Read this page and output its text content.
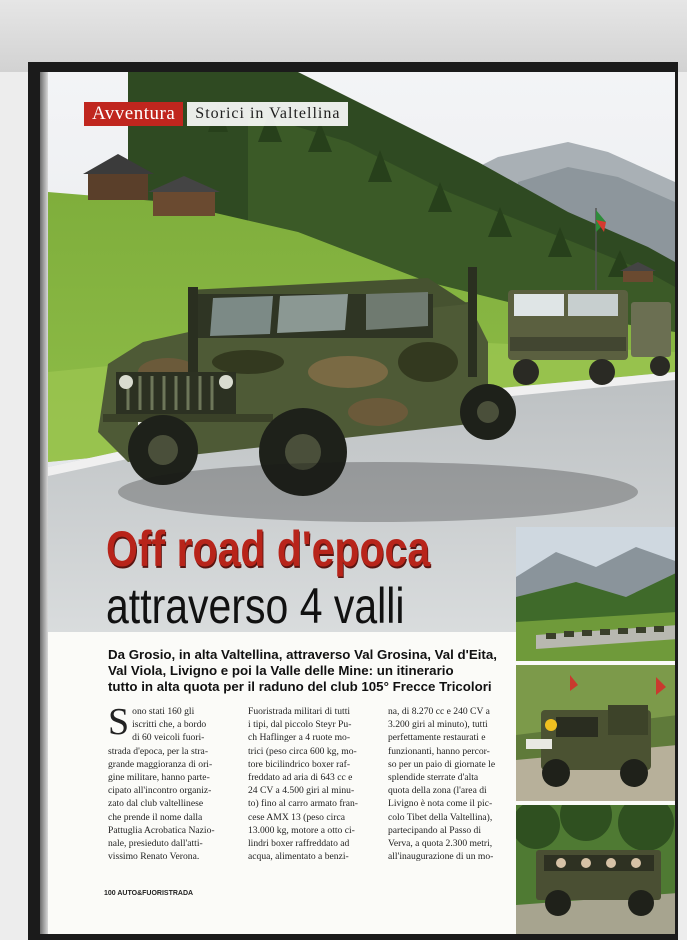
Avventura	Storici in Valtellina
Off road d'epoca
attraverso 4 valli

Da Grosio, in alta Valtellina, attraverso Val Grosina, Val d'Eita,

Val Viola, Livigno e poi la Valle delle Mine: un itinerario

tutto in alta quota per il raduno del club 105° Frecce Tricolori

S ono stati 160 gli
iscritti che, a bordo
di 60 veicoli fuori-
strada d'epoca, per la stra-
grande maggioranza di ori-
gine militare, hanno parte-
cipato all'incontro organiz-
zato dal club valtellinese
che prende il nome dalla
Pattuglia Acrobatica Nazio-
nale, presieduto dall'atti-
vissimo Renato Verona.
Fuoristrada militari di tutti
i tipi, dal piccolo Steyr Pu-
ch Haflinger a 4 ruote mo-
trici (peso circa 600 kg, mo-
tore bicilindrico boxer raf-
freddato ad aria di 643 cc e
24 CV a 4.500 giri al minu-
to) fino al carro armato fran-
cese AMX 13 (peso circa
13.000 kg, motore a otto ci-
lindri boxer raffreddato ad
acqua, alimentato a benzi-
na, di 8.270 cc e 240 CV a
3.200 giri al minuto), tutti
perfettamente restaurati e
funzionanti, hanno percor-
so per un paio di giornate le
splendide sterrate d'alta
quota della zona (l'area di
Livigno è nota come il pic-
colo Tibet della Valtellina),
partecipando al Passo di
Verva, a quota 2.300 metri,
all'inaugurazione di un mo-
100 AUTO&FUORISTRADA
